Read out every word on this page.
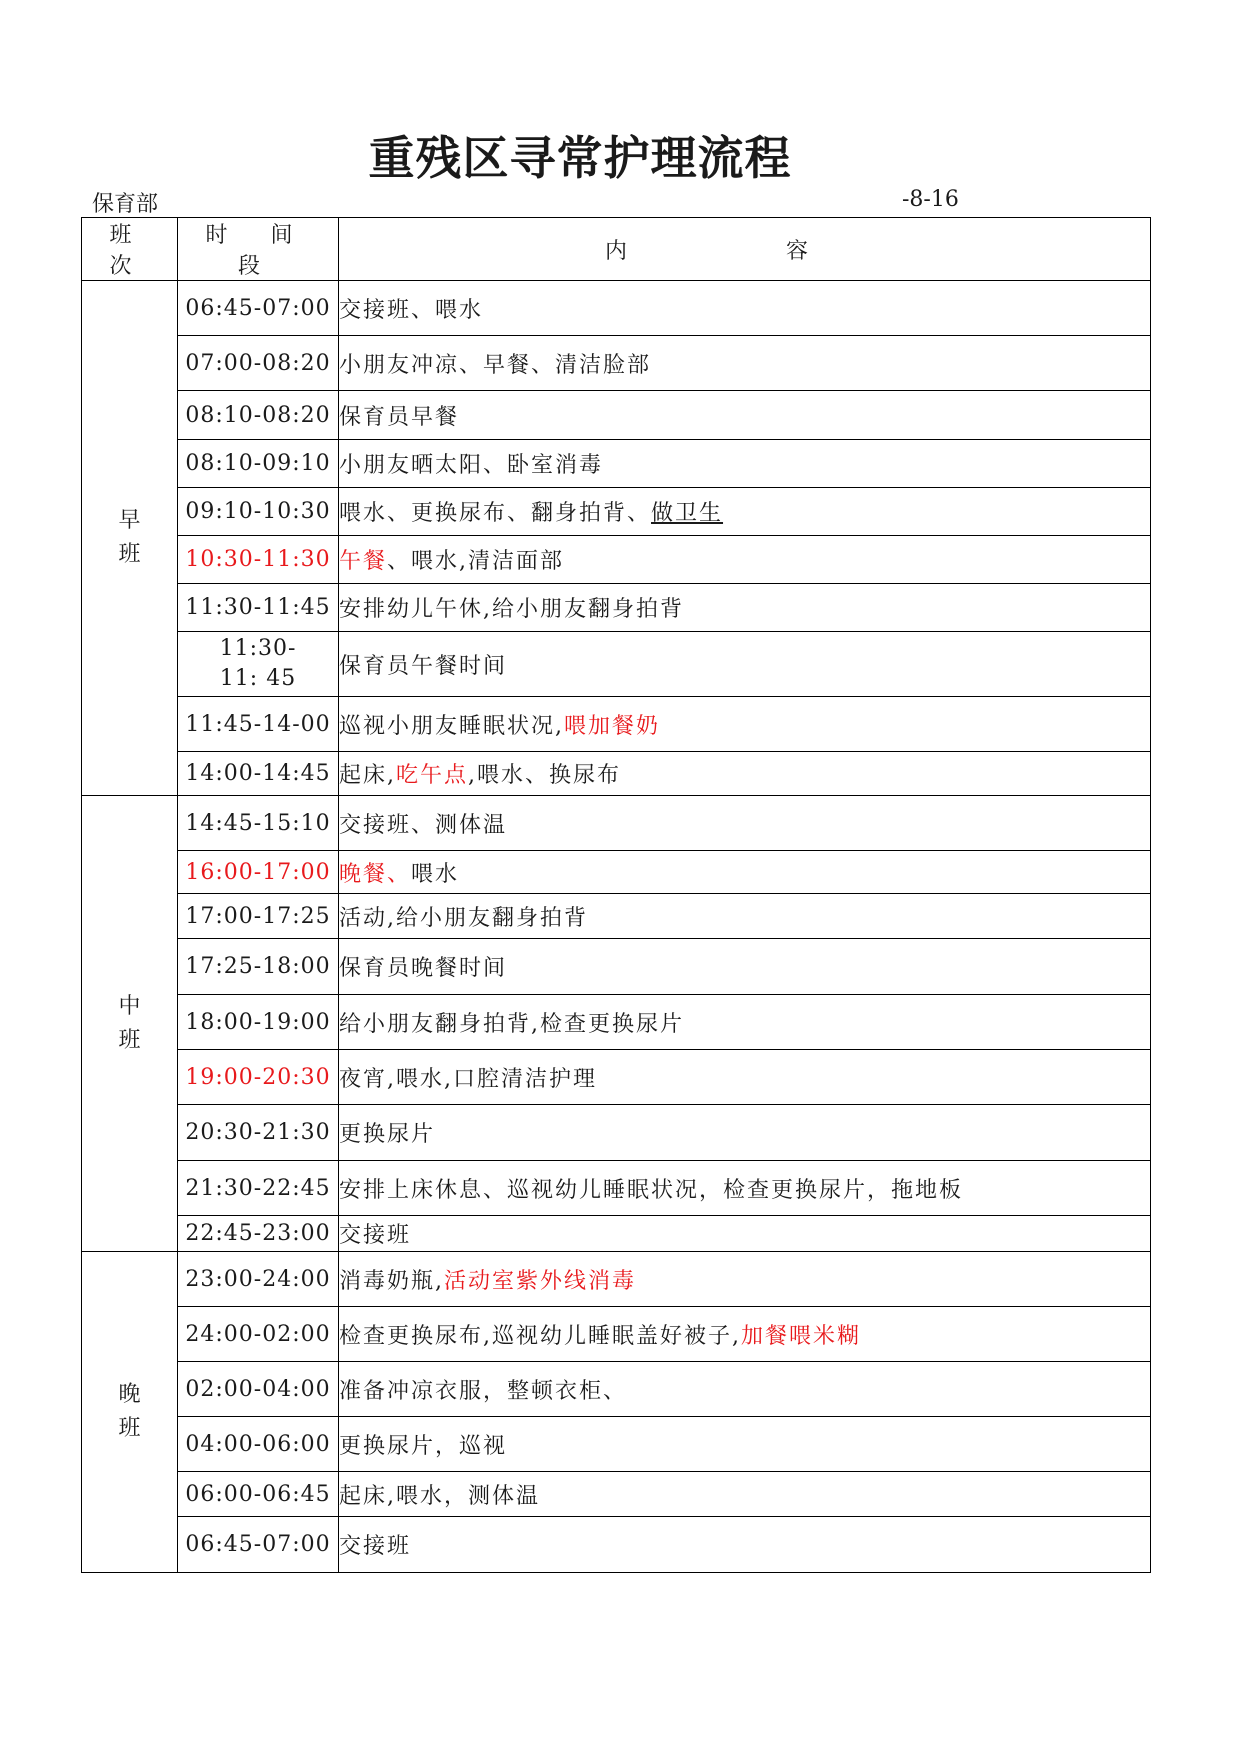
重残区寻常护理流程
保育部	-8-16
班 次	时 间 段	内 容

早
班	06:45-07:00	交接班、喂水
	07:00-08:20	小朋友冲凉、早餐、清洁脸部
	08:10-08:20	保育员早餐
	08:10-09:10	小朋友晒太阳、卧室消毒
	09:10-10:30	喂水、更换尿布、翻身拍背、做卫生
	10:30-11:30	午餐、喂水,清洁面部
	11:30-11:45	安排幼儿午休,给小朋友翻身拍背
	11:30-
11: 45	保育员午餐时间
	11:45-14-00	巡视小朋友睡眠状况,喂加餐奶
	14:00-14:45	起床,吃午点,喂水、换尿布

中
班	14:45-15:10	交接班、测体温
	16:00-17:00	晚餐、喂水
	17:00-17:25	活动,给小朋友翻身拍背
	17:25-18:00	保育员晚餐时间
	18:00-19:00	给小朋友翻身拍背,检查更换尿片
	19:00-20:30	夜宵,喂水,口腔清洁护理
	20:30-21:30	更换尿片
	21:30-22:45	安排上床休息、巡视幼儿睡眠状况，检查更换尿片，拖地板
	22:45-23:00	交接班

晚
班	23:00-24:00	消毒奶瓶,活动室紫外线消毒
	24:00-02:00	检查更换尿布,巡视幼儿睡眠盖好被子,加餐喂米糊
	02:00-04:00	准备冲凉衣服，整顿衣柜、
	04:00-06:00	更换尿片，巡视
	06:00-06:45	起床,喂水，测体温
	06:45-07:00	交接班
